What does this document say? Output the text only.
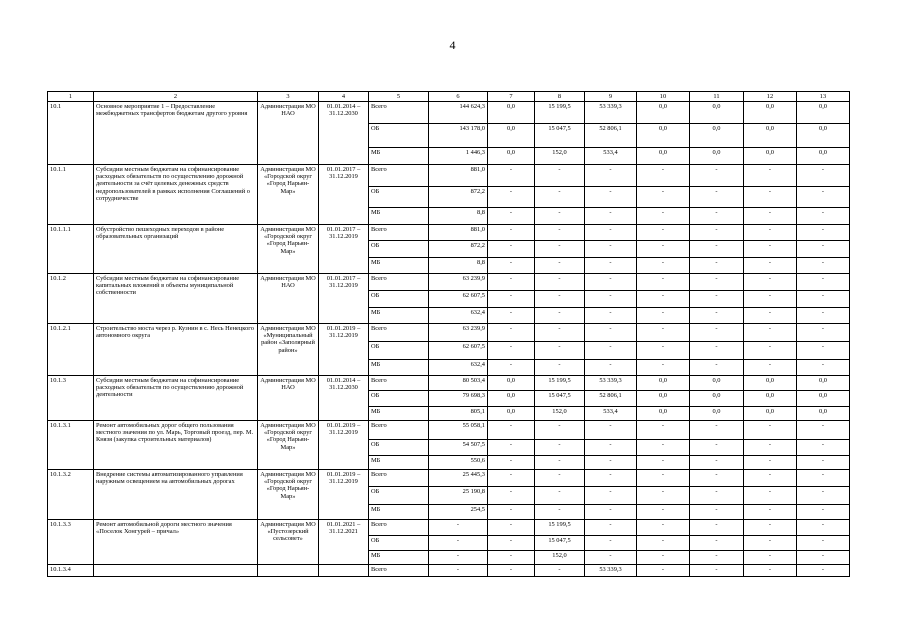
4
1	2	3	4	5	6	7	8	9	10	11	12	13
10.1	Основное мероприятие 1 – Предоставление межбюджетных трансфертов бюджетам другого уровня	Администрация МО НАО	01.01.2014 – 31.12.2030	Всего	144 624,3	0,0	15 199,5	53 339,3	0,0	0,0	0,0	0,0
				ОБ	143 178,0	0,0	15 047,5	52 806,1	0,0	0,0	0,0	0,0
				МБ	1 446,3	0,0	152,0	533,4	0,0	0,0	0,0	0,0
10.1.1	Субсидии местным бюджетам на софинансирование расходных обязательств по осуществлению дорожной деятельности за счёт целевых денежных средств недропользователей в рамках исполнения Соглашений о сотрудничестве	Администрация МО «Городской округ «Город Нарьян-Мар»	01.01.2017 – 31.12.2019	Всего	881,0	-	-	-	-	-	-	-
				ОБ	872,2	-	-	-	-	-	-	-
				МБ	8,8	-	-	-	-	-	-	-
10.1.1.1	Обустройство пешеходных переходов в районе образовательных организаций	Администрация МО «Городской округ «Город Нарьян-Мар»	01.01.2017 – 31.12.2019	Всего	881,0	-	-	-	-	-	-	-
				ОБ	872,2	-	-	-	-	-	-	-
				МБ	8,8	-	-	-	-	-	-	-
10.1.2	Субсидии местным бюджетам на софинансирование капитальных вложений в объекты муниципальной собственности	Администрация МО НАО	01.01.2017 – 31.12.2019	Всего	63 239,9	-	-	-	-	-	-	-
				ОБ	62 607,5	-	-	-	-	-	-	-
				МБ	632,4	-	-	-	-	-	-	-
10.1.2.1	Строительство моста через р. Кузнин в с. Несь Ненецкого автономного округа	Администрация МО «Муниципальный район «Заполярный район»	01.01.2019 – 31.12.2019	Всего	63 239,9	-	-	-	-	-	-	-
				ОБ	62 607,5	-	-	-	-	-	-	-
				МБ	632,4	-	-	-	-	-	-	-
10.1.3	Субсидии местным бюджетам на софинансирование расходных обязательств по осуществлению дорожной деятельности	Администрация МО НАО	01.01.2014 – 31.12.2030	Всего	80 503,4	0,0	15 199,5	53 339,3	0,0	0,0	0,0	0,0
				ОБ	79 698,3	0,0	15 047,5	52 806,1	0,0	0,0	0,0	0,0
				МБ	805,1	0,0	152,0	533,4	0,0	0,0	0,0	0,0
10.1.3.1	Ремонт автомобильных дорог общего пользования местного значения по ул. Марь, Торговый проезд, пер. М. Князя (закупка строительных материалов)	Администрация МО «Городской округ «Город Нарьян-Мар»	01.01.2019 – 31.12.2019	Всего	55 058,1	-	-	-	-	-	-	-
				ОБ	54 507,5	-	-	-	-	-	-	-
				МБ	550,6	-	-	-	-	-	-	-
10.1.3.2	Внедрение системы автоматизированного управления наружным освещением на автомобильных дорогах	Администрация МО «Городской округ «Город Нарьян-Мар»	01.01.2019 – 31.12.2019	Всего	25 445,3	-	-	-	-	-	-	-
				ОБ	25 190,8	-	-	-	-	-	-	-
				МБ	254,5	-	-	-	-	-	-	-
10.1.3.3	Ремонт автомобильной дороги местного значения «Поселок Хонгурей – причал»	Администрация МО «Пустозерский сельсовет»	01.01.2021 – 31.12.2021	Всего	-	-	15 199,5	-	-	-	-	-
				ОБ	-	-	15 047,5	-	-	-	-	-
				МБ	-	-	152,0	-	-	-	-	-
10.1.3.4				Всего	-	-	-	53 339,3	-	-	-	-
